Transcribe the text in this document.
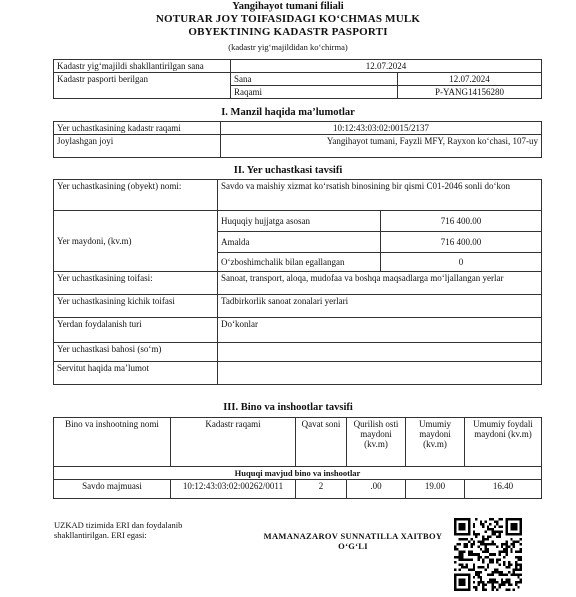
Yangihayot tumani filiali
NOTURAR JOY TOIFASIDAGI KO‘CHMAS MULK
OBYEKTINING KADASTR PASPORTI
(kadastr yig‘majildidan ko‘chirma)
Kadastr yig‘majildi shakllantirilgan sana	12.07.2024	
Kadastr pasporti berilgan	Sana	12.07.2024
	Raqami	P-YANG14156280
I. Manzil haqida ma’lumotlar
Yer uchastkasining kadastr raqami	10:12:43:03:02:0015/2137
Joylashgan joyi	Yangihayot tumani, Fayzli MFY, Rayxon ko‘chasi, 107-uy
II. Yer uchastkasi tavsifi
Yer uchastkasining (obyekt) nomi:	Savdo va maishiy xizmat ko‘rsatish binosining bir qismi C01-2046 sonli do‘kon	
Yer maydoni, (kv.m)	Huquqiy hujjatga asosan	716 400.00
	Amalda	716 400.00
	O‘zboshimchalik bilan egallangan	0
Yer uchastkasining toifasi:	Sanoat, transport, aloqa, mudofaa va boshqa maqsadlarga mo‘ljallangan yerlar	
Yer uchastkasining kichik toifasi	Tadbirkorlik sanoat zonalari yerlari	
Yerdan foydalanish turi	Do‘konlar	
Yer uchastkasi bahosi (so‘m)		
Servitut haqida ma’lumot		
III. Bino va inshootlar tavsifi
Bino va inshootning nomi	Kadastr raqami	Qavat soni	Qurilish osti maydoni (kv.m)	Umumiy maydoni (kv.m)	Umumiy foydali maydoni (kv.m)
Huquqi mavjud bino va inshootlar					
Savdo majmuasi	10:12:43:03:02:00262/0011	2	.00	19.00	16.40
UZKAD tizimida ERI dan foydalanib shakllantirilgan. ERI egasi:	MAMANAZAROV SUNNATILLA XAITBOY O‘G‘LI
